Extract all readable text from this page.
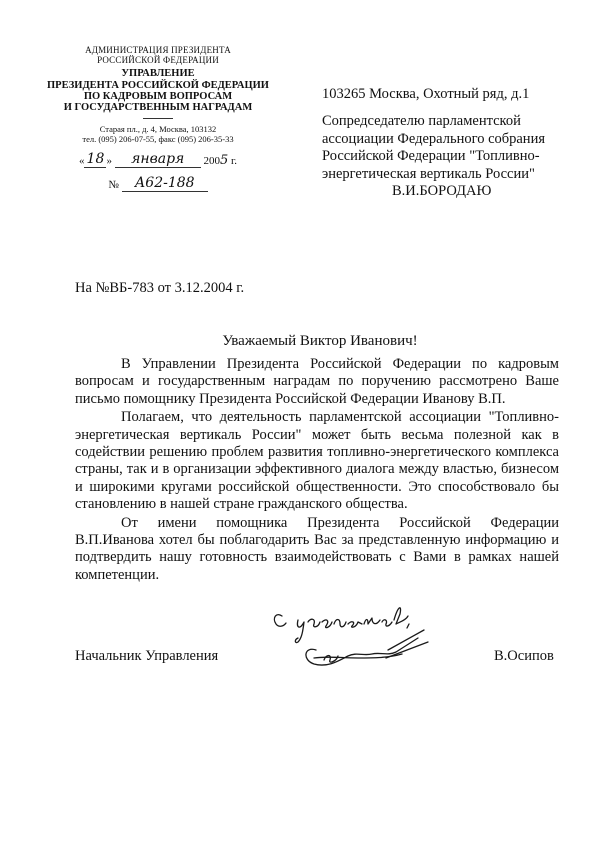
АДМИНИСТРАЦИЯ ПРЕЗИДЕНТА
РОССИЙСКОЙ ФЕДЕРАЦИИ
УПРАВЛЕНИЕ
ПРЕЗИДЕНТА РОССИЙСКОЙ ФЕДЕРАЦИИ
ПО КАДРОВЫМ ВОПРОСАМ
И ГОСУДАРСТВЕННЫМ НАГРАДАМ
Старая пл., д. 4, Москва, 103132
тел. (095) 206-07-55, факс (095) 206-35-33
« 18 » января 2005 г.
№ А62-188
103265 Москва, Охотный ряд, д.1
Сопредседателю парламентской
ассоциации Федерального собрания
Российской Федерации "Топливно-
энергетическая вертикаль России"
В.И.БОРОДАЮ
На №ВБ-783 от 3.12.2004 г.
Уважаемый Виктор Иванович!

В Управлении Президента Российской Федерации по кадровым вопросам и государственным наградам по поручению рассмотрено Ваше письмо помощнику Президента Российской Федерации Иванову В.П.

Полагаем, что деятельность парламентской ассоциации "Топливно-энергетическая вертикаль России" может быть весьма полезной как в содействии решению проблем развития топливно-энергетического комплекса страны, так и в организации эффективного диалога между властью, бизнесом и широкими кругами российской общественности. Это способствовало бы становлению в нашей стране гражданского общества.

От имени помощника Президента Российской Федерации В.П.Иванова хотел бы поблагодарить Вас за представленную информацию и подтвердить нашу готовность взаимодействовать с Вами в рамках нашей компетенции.

Начальник Управления	В.Осипов
